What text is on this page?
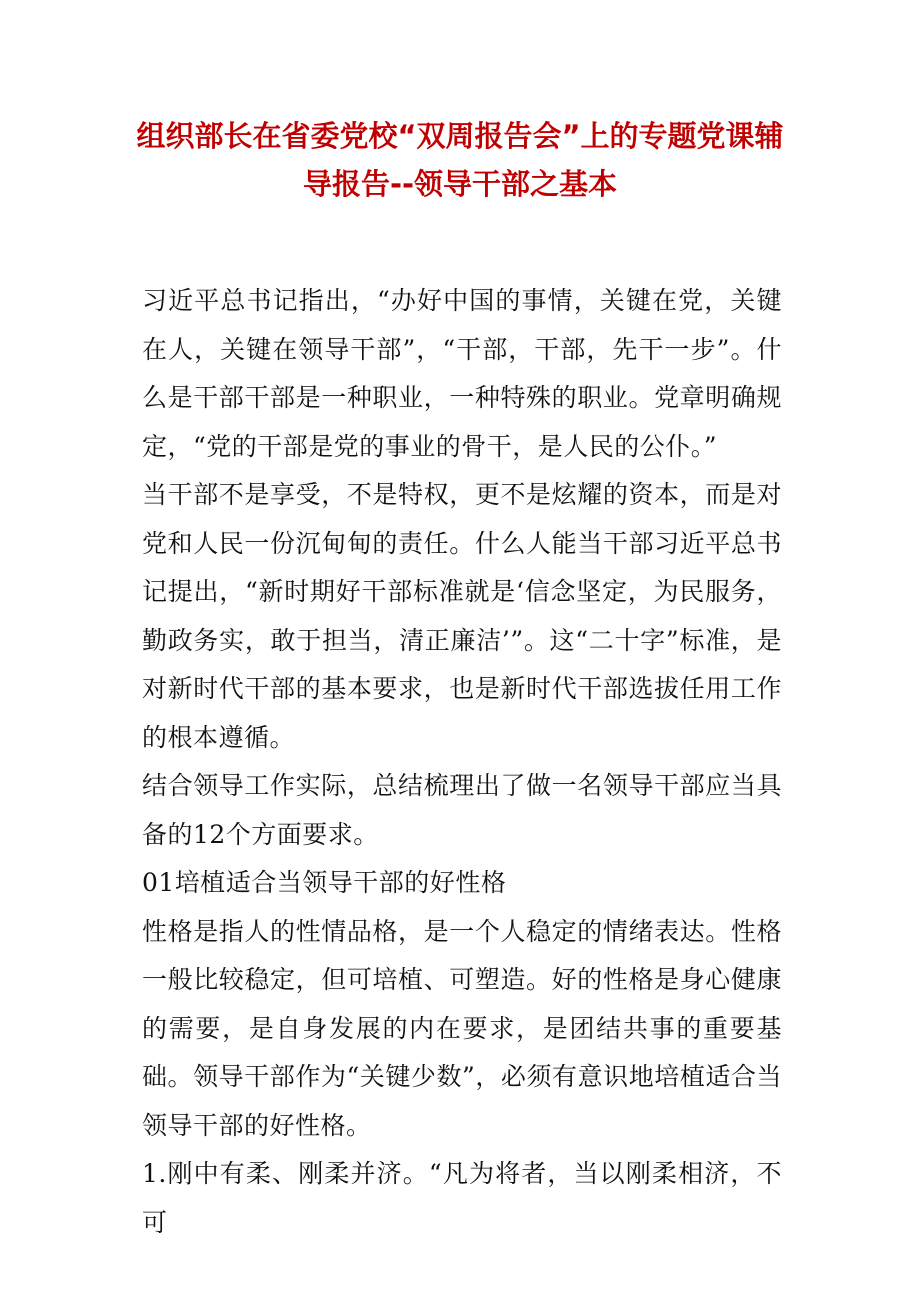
组织部长在省委党校“双周报告会”上的专题党课辅导报告--领导干部之基本

习近平总书记指出，“办好中国的事情，关键在党，关键在人，关键在领导干部”，“干部，干部，先干一步”。什么是干部干部是一种职业，一种特殊的职业。党章明确规定，“党的干部是党的事业的骨干，是人民的公仆。”

当干部不是享受，不是特权，更不是炫耀的资本，而是对党和人民一份沉甸甸的责任。什么人能当干部习近平总书记提出，“新时期好干部标准就是‘信念坚定，为民服务，勤政务实，敢于担当，清正廉洁’”。这“二十字”标准，是对新时代干部的基本要求，也是新时代干部选拔任用工作的根本遵循。

结合领导工作实际，总结梳理出了做一名领导干部应当具备的12个方面要求。

01培植适合当领导干部的好性格

性格是指人的性情品格，是一个人稳定的情绪表达。性格一般比较稳定，但可培植、可塑造。好的性格是身心健康的需要，是自身发展的内在要求，是团结共事的重要基础。领导干部作为“关键少数”，必须有意识地培植适合当领导干部的好性格。

1.刚中有柔、刚柔并济。“凡为将者，当以刚柔相济，不可
